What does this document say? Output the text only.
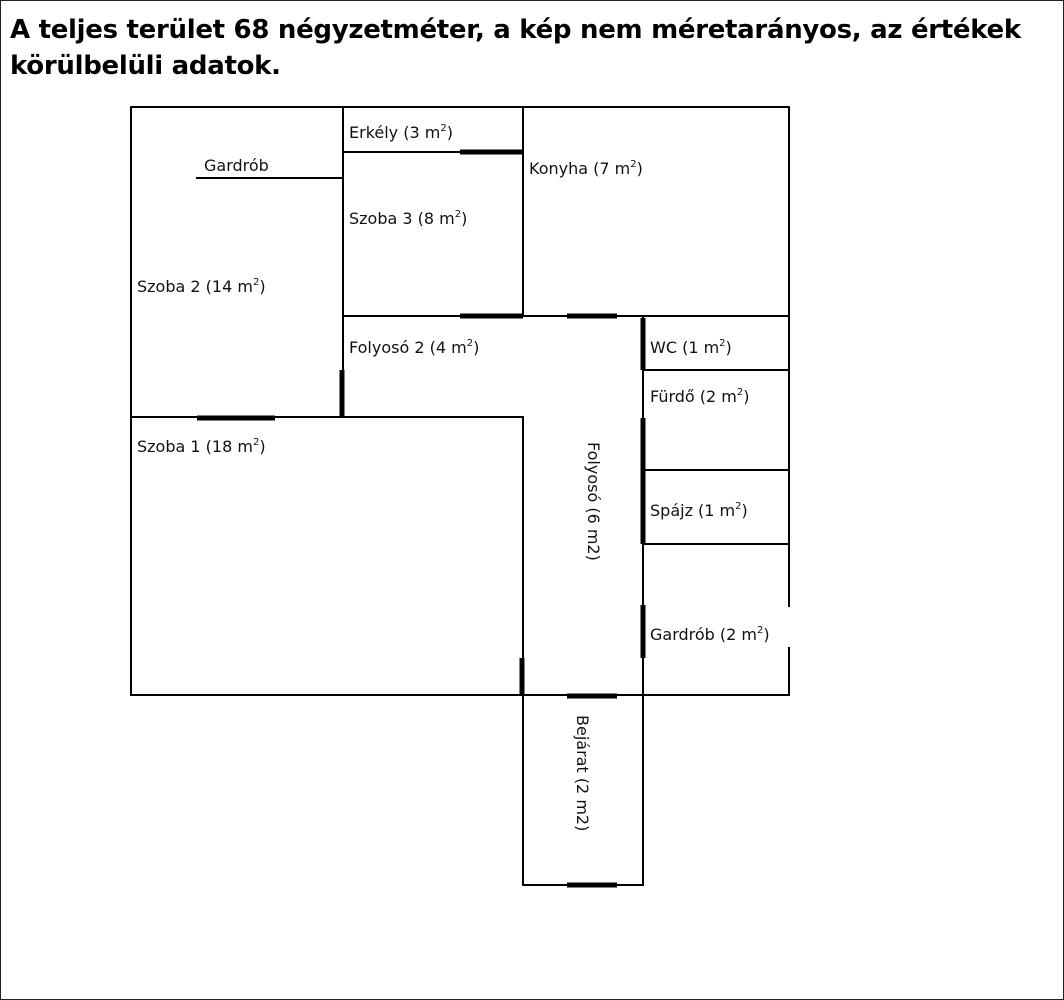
A teljes terület 68 négyzetméter, a kép nem méretarányos, az értékek körülbelüli adatok.
Szoba 2 (14 $m^2$)
Gardrób
Erkély (3 $m^2$)
Szoba 3 (8 $m^2$)
Konyha (7 $m^2$)
Folyosó 2 (4 $m^2$)	WC (1 $m^2$)
Fürdő (2 $m^2$)
Szoba 1 (18 $m^2$)
Spájz (1 $m^2$)
Gardrób (2 $m^2$)
Folyosó (6 m2)
Bejárat (2 m2)
